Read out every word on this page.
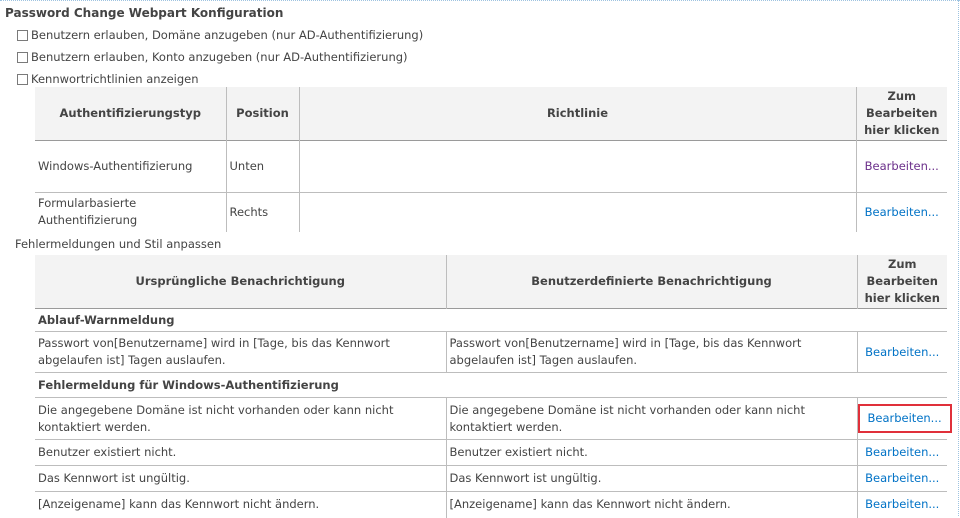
Password Change Webpart Konfiguration
Benutzern erlauben, Domäne anzugeben (nur AD-Authentifizierung)
Benutzern erlauben, Konto anzugeben (nur AD-Authentifizierung)
Kennwortrichtlinien anzeigen
Authentifizierungstyp	Position	Richtlinie	Zum Bearbeiten hier klicken
Windows-Authentifizierung	Unten		Bearbeiten...
Formularbasierte Authentifizierung	Rechts		Bearbeiten...
Fehlermeldungen und Stil anpassen
Ursprüngliche Benachrichtigung	Benutzerdefinierte Benachrichtigung	Zum Bearbeiten hier klicken
Ablauf-Warnmeldung		
Passwort von[Benutzername] wird in [Tage, bis das Kennwort abgelaufen ist] Tagen auslaufen.	Passwort von[Benutzername] wird in [Tage, bis das Kennwort abgelaufen ist] Tagen auslaufen.	Bearbeiten...
Fehlermeldung für Windows-Authentifizierung		
Die angegebene Domäne ist nicht vorhanden oder kann nicht kontaktiert werden.	Die angegebene Domäne ist nicht vorhanden oder kann nicht kontaktiert werden.	Bearbeiten...
Benutzer existiert nicht.	Benutzer existiert nicht.	Bearbeiten...
Das Kennwort ist ungültig.	Das Kennwort ist ungültig.	Bearbeiten...
[Anzeigename] kann das Kennwort nicht ändern.	[Anzeigename] kann das Kennwort nicht ändern.	Bearbeiten...
